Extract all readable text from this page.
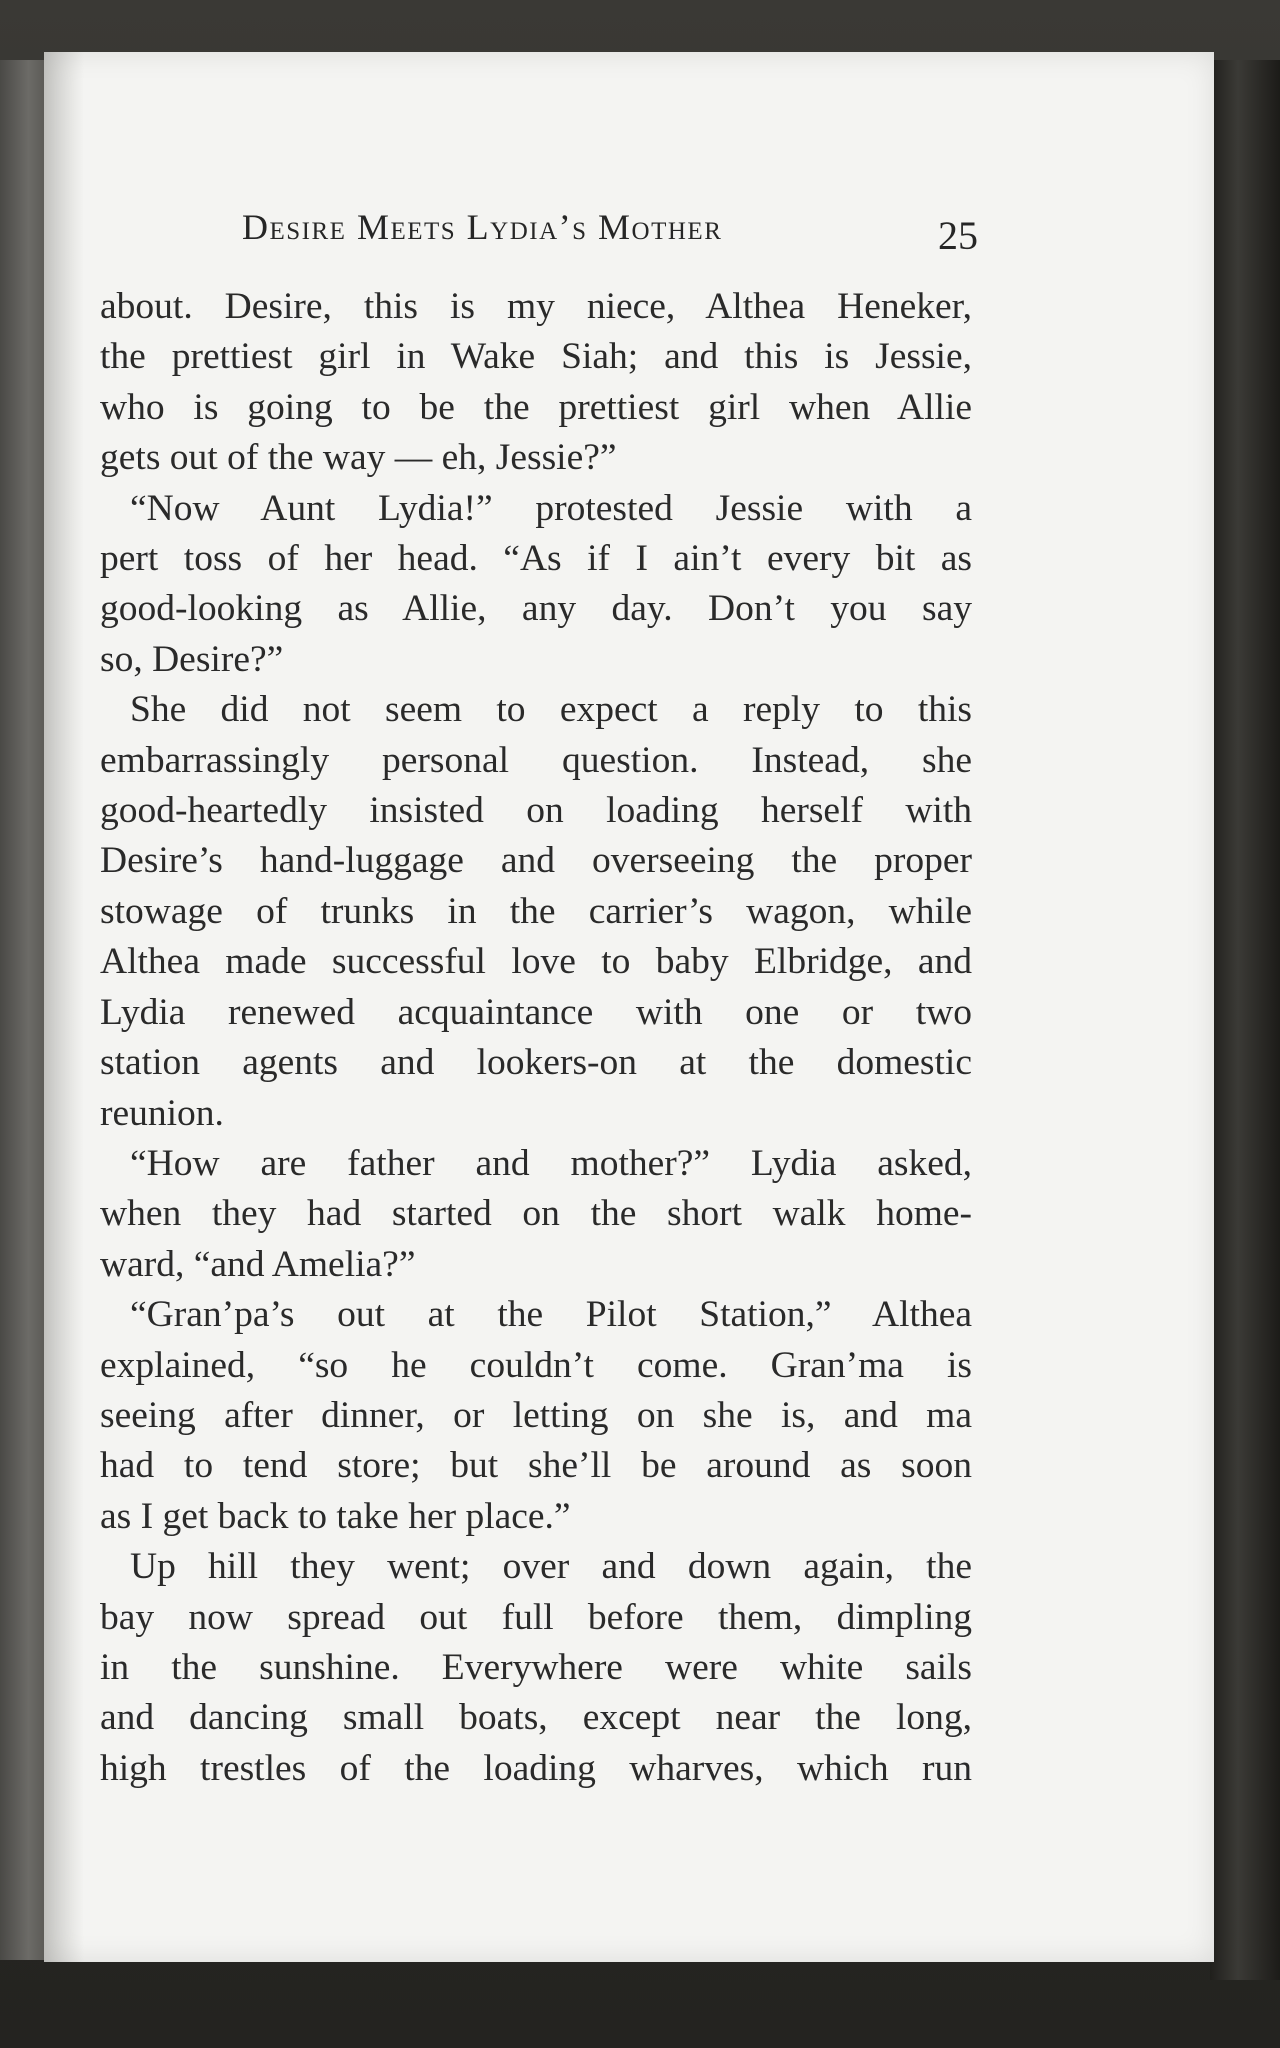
Desire Meets Lydia’s Mother	25
about. Desire, this is my niece, Althea Heneker,
the prettiest girl in Wake Siah; and this is Jessie,
who is going to be the prettiest girl when Allie
gets out of the way — eh, Jessie?”
“Now Aunt Lydia!” protested Jessie with a
pert toss of her head. “As if I ain’t every bit as
good-looking as Allie, any day. Don’t you say
so, Desire?”
She did not seem to expect a reply to this
embarrassingly personal question. Instead, she
good-heartedly insisted on loading herself with
Desire’s hand-luggage and overseeing the proper
stowage of trunks in the carrier’s wagon, while
Althea made successful love to baby Elbridge, and
Lydia renewed acquaintance with one or two
station agents and lookers-on at the domestic
reunion.
“How are father and mother?” Lydia asked,
when they had started on the short walk home-
ward, “and Amelia?”
“Gran’pa’s out at the Pilot Station,” Althea
explained, “so he couldn’t come. Gran’ma is
seeing after dinner, or letting on she is, and ma
had to tend store; but she’ll be around as soon
as I get back to take her place.”
Up hill they went; over and down again, the
bay now spread out full before them, dimpling
in the sunshine. Everywhere were white sails
and dancing small boats, except near the long,
high trestles of the loading wharves, which run
